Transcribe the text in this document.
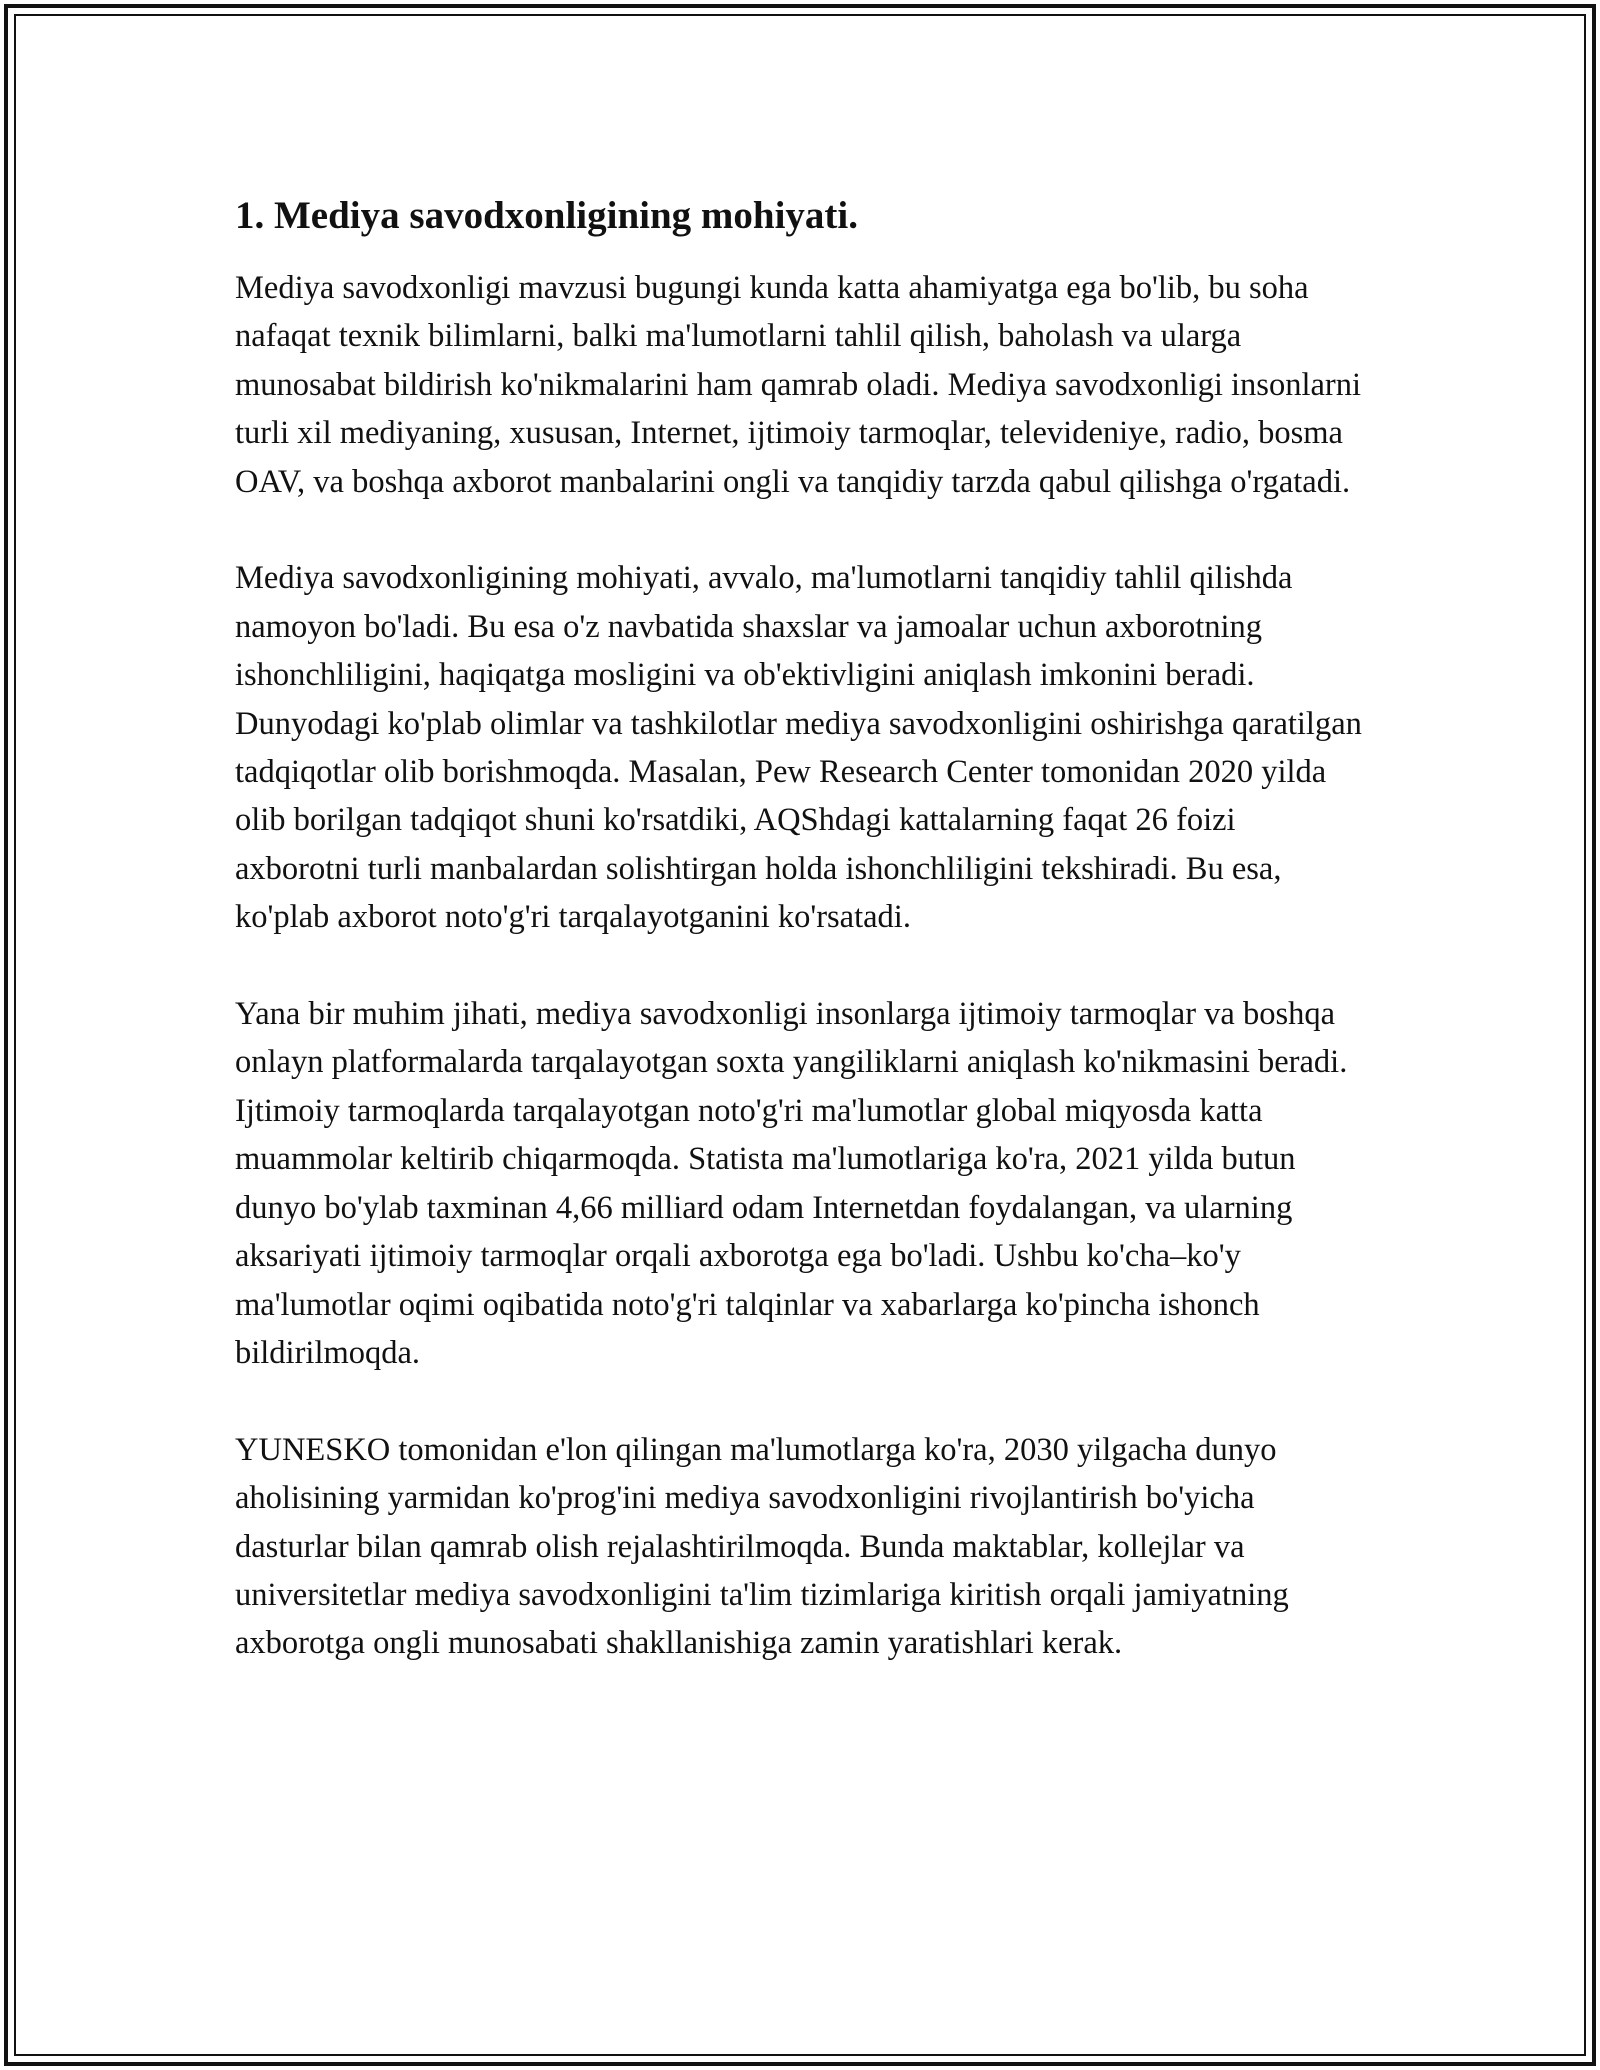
1. Mediya savodxonligining mohiyati.

Mediya savodxonligi mavzusi bugungi kunda katta ahamiyatga ega bo'lib, bu soha nafaqat texnik bilimlarni, balki ma'lumotlarni tahlil qilish, baholash va ularga munosabat bildirish ko'nikmalarini ham qamrab oladi. Mediya savodxonligi insonlarni turli xil mediyaning, xususan, Internet, ijtimoiy tarmoqlar, televideniye, radio, bosma OAV, va boshqa axborot manbalarini ongli va tanqidiy tarzda qabul qilishga o'rgatadi.

Mediya savodxonligining mohiyati, avvalo, ma'lumotlarni tanqidiy tahlil qilishda namoyon bo'ladi. Bu esa o'z navbatida shaxslar va jamoalar uchun axborotning ishonchliligini, haqiqatga mosligini va ob'ektivligini aniqlash imkonini beradi. Dunyodagi ko'plab olimlar va tashkilotlar mediya savodxonligini oshirishga qaratilgan tadqiqotlar olib borishmoqda. Masalan, Pew Research Center tomonidan 2020 yilda olib borilgan tadqiqot shuni ko'rsatdiki, AQShdagi kattalarning faqat 26 foizi axborotni turli manbalardan solishtirgan holda ishonchliligini tekshiradi. Bu esa, ko'plab axborot noto'g'ri tarqalayotganini ko'rsatadi.

Yana bir muhim jihati, mediya savodxonligi insonlarga ijtimoiy tarmoqlar va boshqa onlayn platformalarda tarqalayotgan soxta yangiliklarni aniqlash ko'nikmasini beradi. Ijtimoiy tarmoqlarda tarqalayotgan noto'g'ri ma'lumotlar global miqyosda katta muammolar keltirib chiqarmoqda. Statista ma'lumotlariga ko'ra, 2021 yilda butun dunyo bo'ylab taxminan 4,66 milliard odam Internetdan foydalangan, va ularning aksariyati ijtimoiy tarmoqlar orqali axborotga ega bo'ladi. Ushbu ko'cha–ko'y ma'lumotlar oqimi oqibatida noto'g'ri talqinlar va xabarlarga ko'pincha ishonch bildirilmoqda.

YUNESKO tomonidan e'lon qilingan ma'lumotlarga ko'ra, 2030 yilgacha dunyo aholisining yarmidan ko'prog'ini mediya savodxonligini rivojlantirish bo'yicha dasturlar bilan qamrab olish rejalashtirilmoqda. Bunda maktablar, kollejlar va universitetlar mediya savodxonligini ta'lim tizimlariga kiritish orqali jamiyatning axborotga ongli munosabati shakllanishiga zamin yaratishlari kerak.
